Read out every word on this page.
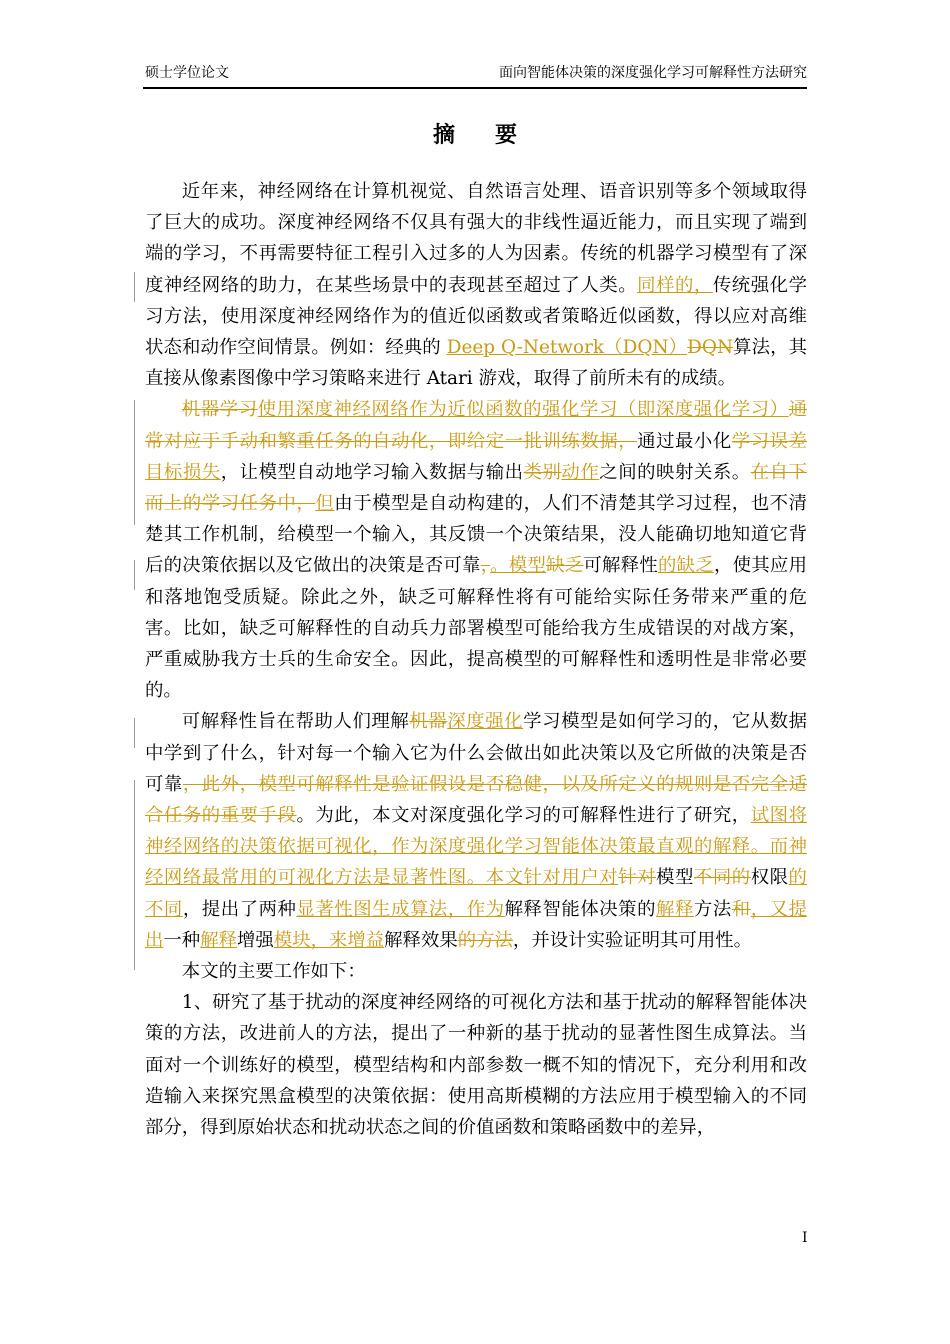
硕士学位论文	面向智能体决策的深度强化学习可解释性方法研究
摘要

近年来，神经网络在计算机视觉、自然语言处理、语音识别等多个领域取得了巨大的成功。深度神经网络不仅具有强大的非线性逼近能力，而且实现了端到端的学习，不再需要特征工程引入过多的人为因素。传统的机器学习模型有了深度神经网络的助力，在某些场景中的表现甚至超过了人类。同样的，传统强化学习方法，使用深度神经网络作为的值近似函数或者策略近似函数，得以应对高维状态和动作空间情景。例如：经典的 Deep Q-Network（DQN）DQN算法，其直接从像素图像中学习策略来进行 Atari 游戏，取得了前所未有的成绩。

机器学习使用深度神经网络作为近似函数的强化学习（即深度强化学习）通常对应于手动和繁重任务的自动化，即给定一批训练数据，通过最小化学习误差目标损失，让模型自动地学习输入数据与输出类别动作之间的映射关系。在自下而上的学习任务中，但由于模型是自动构建的，人们不清楚其学习过程，也不清楚其工作机制，给模型一个输入，其反馈一个决策结果，没人能确切地知道它背后的决策依据以及它做出的决策是否可靠，。模型缺乏可解释性的缺乏，使其应用和落地饱受质疑。除此之外，缺乏可解释性将有可能给实际任务带来严重的危害。比如，缺乏可解释性的自动兵力部署模型可能给我方生成错误的对战方案，严重威胁我方士兵的生命安全。因此，提高模型的可解释性和透明性是非常必要的。

可解释性旨在帮助人们理解机器深度强化学习模型是如何学习的，它从数据中学到了什么，针对每一个输入它为什么会做出如此决策以及它所做的决策是否可靠，此外，模型可解释性是验证假设是否稳健，以及所定义的规则是否完全适合任务的重要手段。为此，本文对深度强化学习的可解释性进行了研究，试图将神经网络的决策依据可视化，作为深度强化学习智能体决策最直观的解释。而神经网络最常用的可视化方法是显著性图。本文针对用户对针对模型不同的权限的不同，提出了两种显著性图生成算法，作为解释智能体决策的解释方法和，又提出一种解释增强模块，来增益解释效果的方法，并设计实验证明其可用性。

本文的主要工作如下：

1、研究了基于扰动的深度神经网络的可视化方法和基于扰动的解释智能体决策的方法，改进前人的方法，提出了一种新的基于扰动的显著性图生成算法。当面对一个训练好的模型，模型结构和内部参数一概不知的情况下，充分利用和改造输入来探究黑盒模型的决策依据：使用高斯模糊的方法应用于模型输入的不同部分，得到原始状态和扰动状态之间的价值函数和策略函数中的差异，

I
